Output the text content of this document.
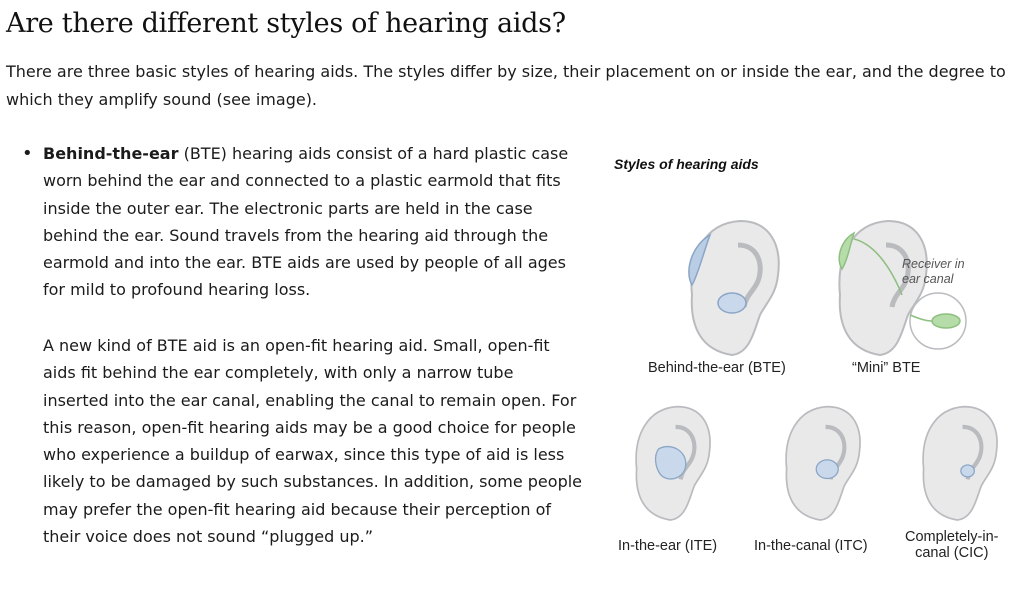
Are there different styles of hearing aids?

There are three basic styles of hearing aids. The styles differ by size, their placement on or inside the ear, and the degree to which they amplify sound (see image).

• Behind-the-ear (BTE) hearing aids consist of a hard plastic case worn behind the ear and connected to a plastic earmold that fits inside the outer ear. The electronic parts are held in the case behind the ear. Sound travels from the hearing aid through the earmold and into the ear. BTE aids are used by people of all ages for mild to profound hearing loss.

A new kind of BTE aid is an open-fit hearing aid. Small, open-fit aids fit behind the ear completely, with only a narrow tube inserted into the ear canal, enabling the canal to remain open. For this reason, open-fit hearing aids may be a good choice for people who experience a buildup of earwax, since this type of aid is less likely to be damaged by such substances. In addition, some people may prefer the open-fit hearing aid because their perception of their voice does not sound “plugged up.”

Styles of hearing aids
Receiver in
ear canal
Behind-the-ear (BTE)	“Mini” BTE
In-the-ear (ITE)	In-the-canal (ITC)
Completely-in-
canal (CIC)
